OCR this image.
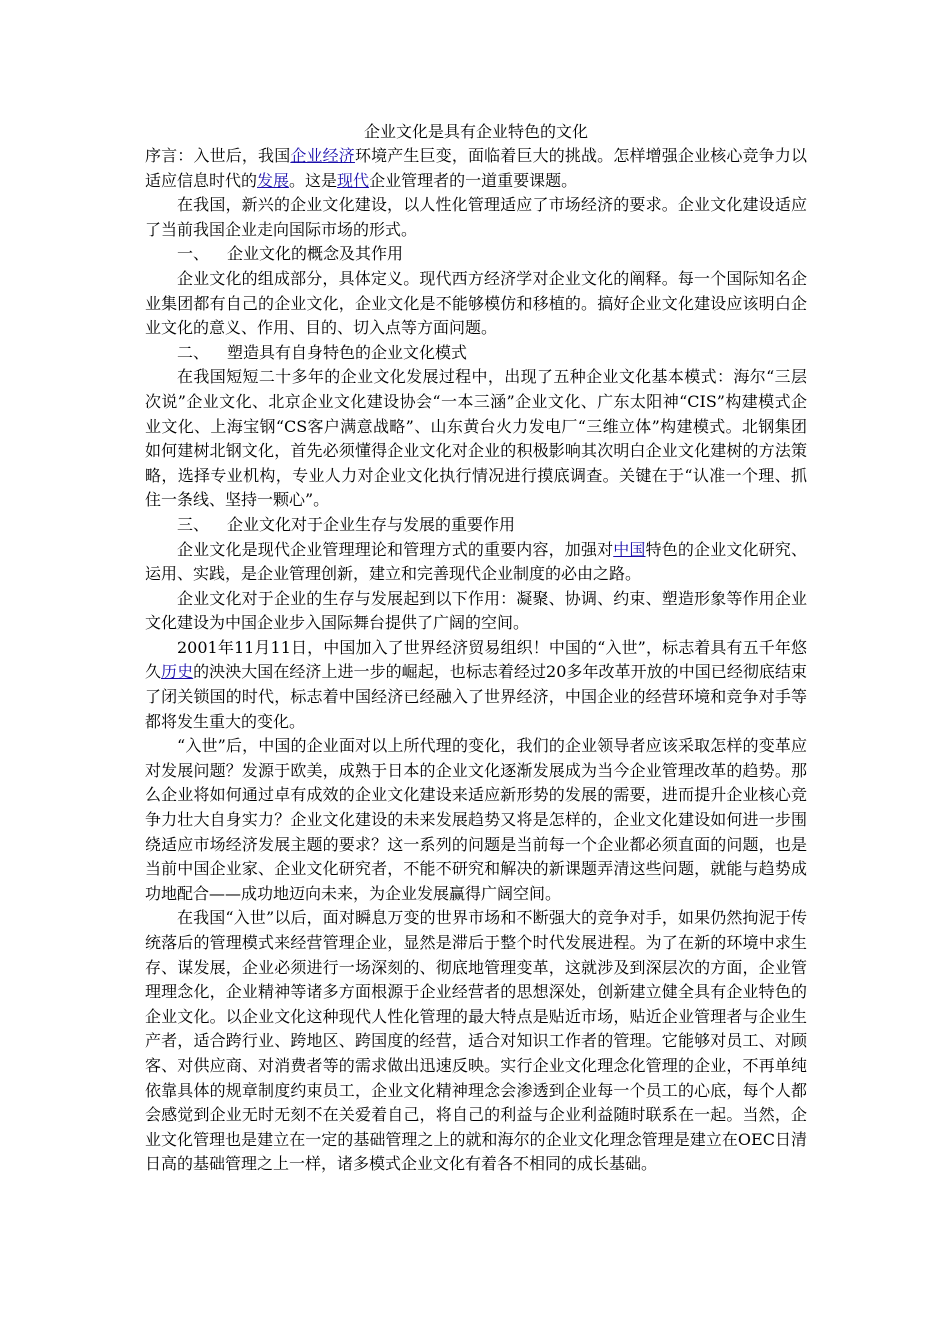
企业文化是具有企业特色的文化

序言：入世后，我国企业经济环境产生巨变，面临着巨大的挑战。怎样增强企业核心竞争力以适应信息时代的发展。这是现代企业管理者的一道重要课题。

在我国，新兴的企业文化建设，以人性化管理适应了市场经济的要求。企业文化建设适应了当前我国企业走向国际市场的形式。

一、 企业文化的概念及其作用

企业文化的组成部分，具体定义。现代西方经济学对企业文化的阐释。每一个国际知名企业集团都有自己的企业文化，企业文化是不能够模仿和移植的。搞好企业文化建设应该明白企业文化的意义、作用、目的、切入点等方面问题。

二、 塑造具有自身特色的企业文化模式

在我国短短二十多年的企业文化发展过程中，出现了五种企业文化基本模式：海尔“三层次说”企业文化、北京企业文化建设协会“一本三涵”企业文化、广东太阳神“CIS”构建模式企业文化、上海宝钢“CS客户满意战略”、山东黄台火力发电厂“三维立体”构建模式。北钢集团如何建树北钢文化，首先必须懂得企业文化对企业的积极影响其次明白企业文化建树的方法策略，选择专业机构，专业人力对企业文化执行情况进行摸底调查。关键在于“认准一个理、抓住一条线、坚持一颗心”。

三、 企业文化对于企业生存与发展的重要作用

企业文化是现代企业管理理论和管理方式的重要内容，加强对中国特色的企业文化研究、运用、实践，是企业管理创新，建立和完善现代企业制度的必由之路。

企业文化对于企业的生存与发展起到以下作用：凝聚、协调、约束、塑造形象等作用企业文化建设为中国企业步入国际舞台提供了广阔的空间。

2001年11月11日，中国加入了世界经济贸易组织！中国的“入世”，标志着具有五千年悠久历史的泱泱大国在经济上进一步的崛起，也标志着经过20多年改革开放的中国已经彻底结束了闭关锁国的时代，标志着中国经济已经融入了世界经济，中国企业的经营环境和竞争对手等都将发生重大的变化。

“入世”后，中国的企业面对以上所代理的变化，我们的企业领导者应该采取怎样的变革应对发展问题？发源于欧美，成熟于日本的企业文化逐渐发展成为当今企业管理改革的趋势。那么企业将如何通过卓有成效的企业文化建设来适应新形势的发展的需要，进而提升企业核心竞争力壮大自身实力？企业文化建设的未来发展趋势又将是怎样的，企业文化建设如何进一步围绕适应市场经济发展主题的要求？这一系列的问题是当前每一个企业都必须直面的问题，也是当前中国企业家、企业文化研究者，不能不研究和解决的新课题弄清这些问题，就能与趋势成功地配合——成功地迈向未来，为企业发展赢得广阔空间。

在我国“入世”以后，面对瞬息万变的世界市场和不断强大的竞争对手，如果仍然拘泥于传统落后的管理模式来经营管理企业，显然是滞后于整个时代发展进程。为了在新的环境中求生存、谋发展，企业必须进行一场深刻的、彻底地管理变革，这就涉及到深层次的方面，企业管理理念化，企业精神等诸多方面根源于企业经营者的思想深处，创新建立健全具有企业特色的企业文化。以企业文化这种现代人性化管理的最大特点是贴近市场，贴近企业管理者与企业生产者，适合跨行业、跨地区、跨国度的经营，适合对知识工作者的管理。它能够对员工、对顾客、对供应商、对消费者等的需求做出迅速反映。实行企业文化理念化管理的企业，不再单纯依靠具体的规章制度约束员工，企业文化精神理念会渗透到企业每一个员工的心底，每个人都会感觉到企业无时无刻不在关爱着自己，将自己的利益与企业利益随时联系在一起。当然，企业文化管理也是建立在一定的基础管理之上的就和海尔的企业文化理念管理是建立在OEC日清日高的基础管理之上一样，诸多模式企业文化有着各不相同的成长基础。
